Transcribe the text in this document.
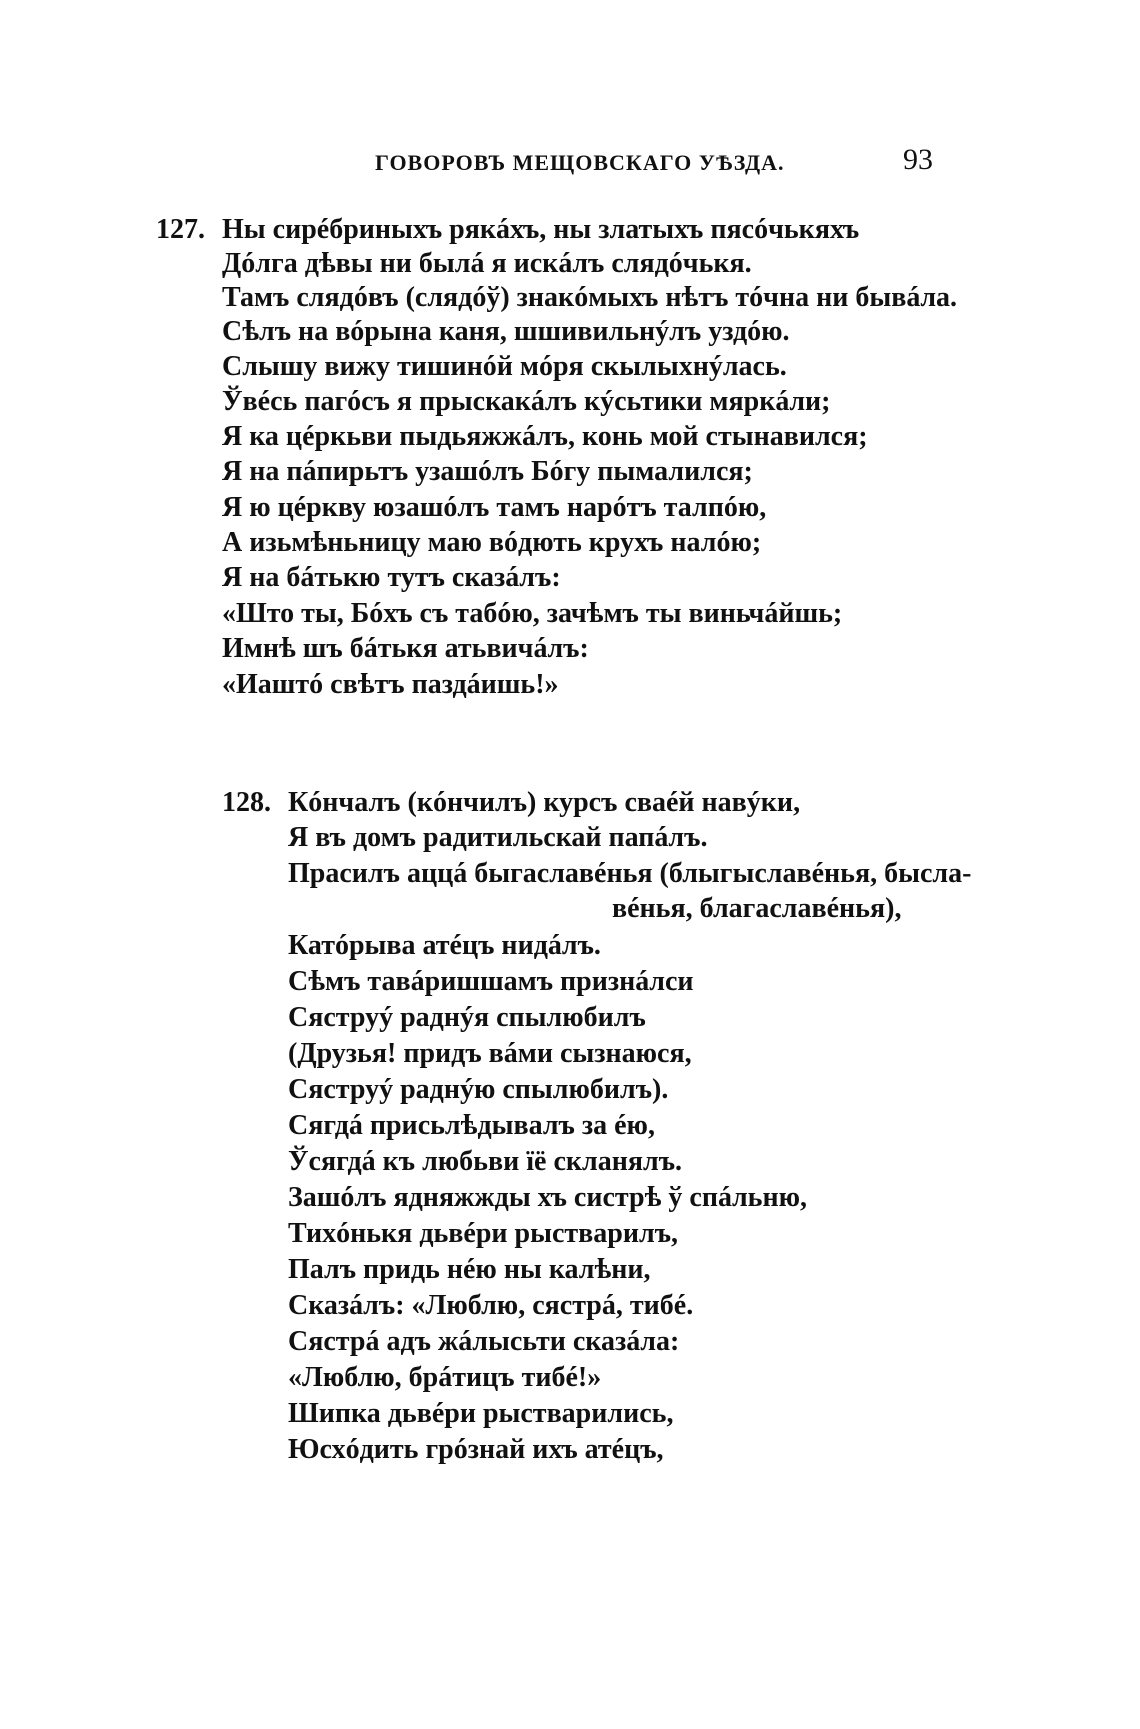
ГОВОРОВЪ МЕЩОВСКАГО УѢЗДА.	93
127. Ны сирéбриныхъ рякáхъ, ны златыхъ пясóчькяхъ
Дóлга дѣвы ни былá я искáлъ слядóчькя.
Тамъ слядóвъ (слядóў) знакóмыхъ нѣтъ тóчна ни бывáла.
Сѣлъ на вóрына каня, шшивильнýлъ уздóю.
Слышу вижу тишинóй мóря скылыхнýлась.
Ўвéсь пагóсъ я прыскакáлъ кýсьтики мяркáли;
Я ка цéркьви пыдьяжжáлъ, конь мой стынавился;
Я на пáпирьтъ узашóлъ Бóгу пымалился;
Я ю цéркву юзашóлъ тамъ нарóтъ талпóю,
А изьмѣньницу маю вóдють крухъ налóю;
Я на бáтькю тутъ сказáлъ:
«Што ты, Бóхъ съ табóю, зачѣмъ ты виньчáйшь;
Имнѣ шъ бáтькя атьвичáлъ:
«Иаштó свѣтъ паздáишь!»
128. Кóнчалъ (кóнчилъ) курсъ свaéй навýки,
Я въ домъ радитильскай папáлъ.
Прасилъ аццá быгаславéнья (блыгыславéнья, бысла-
вéнья, благаславéнья),
Катóрыва атéцъ нидáлъ.
Сѣмъ тавáришшамъ признáлси
Сяструý раднýя спылюбилъ
(Друзья! придъ вáми сызнаюся,
Сяструý раднýю спылюбилъ).
Сягдá присьлѣдывалъ за éю,
Ўсягдá къ любьви їё скланялъ.
Зашóлъ ядняжжды хъ систрѣ ў спáльню,
Тихóнькя дьвéри рыстварилъ,
Палъ придь нéю ны калѣни,
Сказáлъ: «Люблю, сястрá, тибé.
Сястрá адъ жáлысьти сказáла:
«Люблю, брáтицъ тибé!»
Шипка дьвéри рыстварились,
Юсхóдить грóзнай ихъ атéцъ,
